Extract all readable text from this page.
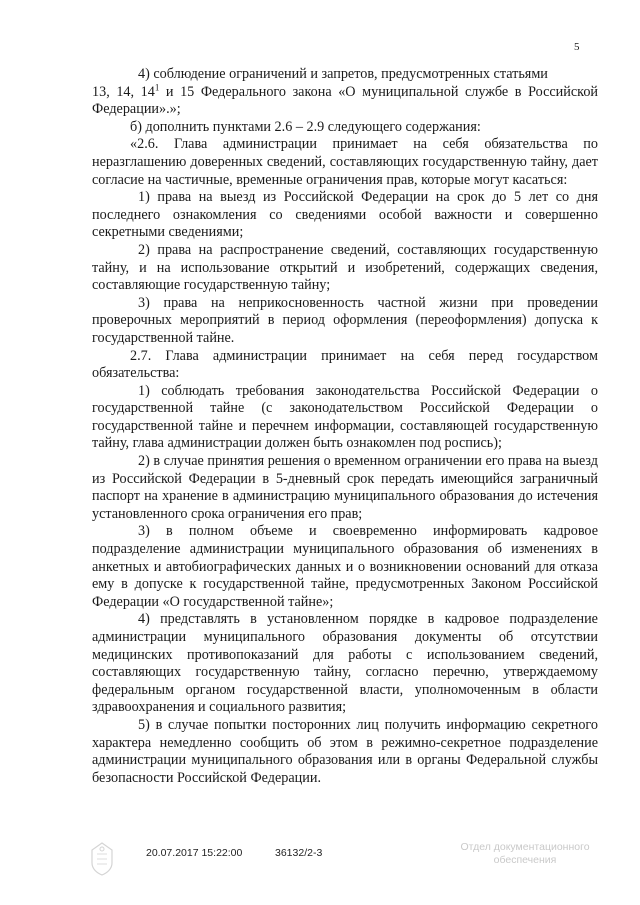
5

4) соблюдение ограничений и запретов, предусмотренных статьями
13, 14, $14^1$ и 15 Федерального закона «О муниципальной службе в Российской Федерации».»;

б) дополнить пунктами 2.6 – 2.9 следующего содержания:

«2.6. Глава администрации принимает на себя обязательства по неразглашению доверенных сведений, составляющих государственную тайну, дает согласие на частичные, временные ограничения прав, которые могут касаться:

1) права на выезд из Российской Федерации на срок до 5 лет со дня последнего ознакомления со сведениями особой важности и совершенно секретными сведениями;

2) права на распространение сведений, составляющих государственную тайну, и на использование открытий и изобретений, содержащих сведения, составляющие государственную тайну;

3) права на неприкосновенность частной жизни при проведении проверочных мероприятий в период оформления (переоформления) допуска к государственной тайне.

2.7. Глава администрации принимает на себя перед государством обязательства:

1) соблюдать требования законодательства Российской Федерации о государственной тайне (с законодательством Российской Федерации о государственной тайне и перечнем информации, составляющей государственную тайну, глава администрации должен быть ознакомлен под роспись);

2) в случае принятия решения о временном ограничении его права на выезд из Российской Федерации в 5-дневный срок передать имеющийся заграничный паспорт на хранение в администрацию муниципального образования до истечения установленного срока ограничения его прав;

3) в полном объеме и своевременно информировать кадровое подразделение администрации муниципального образования об изменениях в анкетных и автобиографических данных и о возникновении оснований для отказа ему в допуске к государственной тайне, предусмотренных Законом Российской Федерации «О государственной тайне»;

4) представлять в установленном порядке в кадровое подразделение администрации муниципального образования документы об отсутствии медицинских противопоказаний для работы с использованием сведений, составляющих государственную тайну, согласно перечню, утверждаемому федеральным органом государственной власти, уполномоченным в области здравоохранения и социального развития;

5) в случае попытки посторонних лиц получить информацию секретного характера немедленно сообщить об этом в режимно-секретное подразделение администрации муниципального образования или в органы Федеральной службы безопасности Российской Федерации.

20.07.2017 15:22:00	36132/2-3	Отдел документационного обеспечения
